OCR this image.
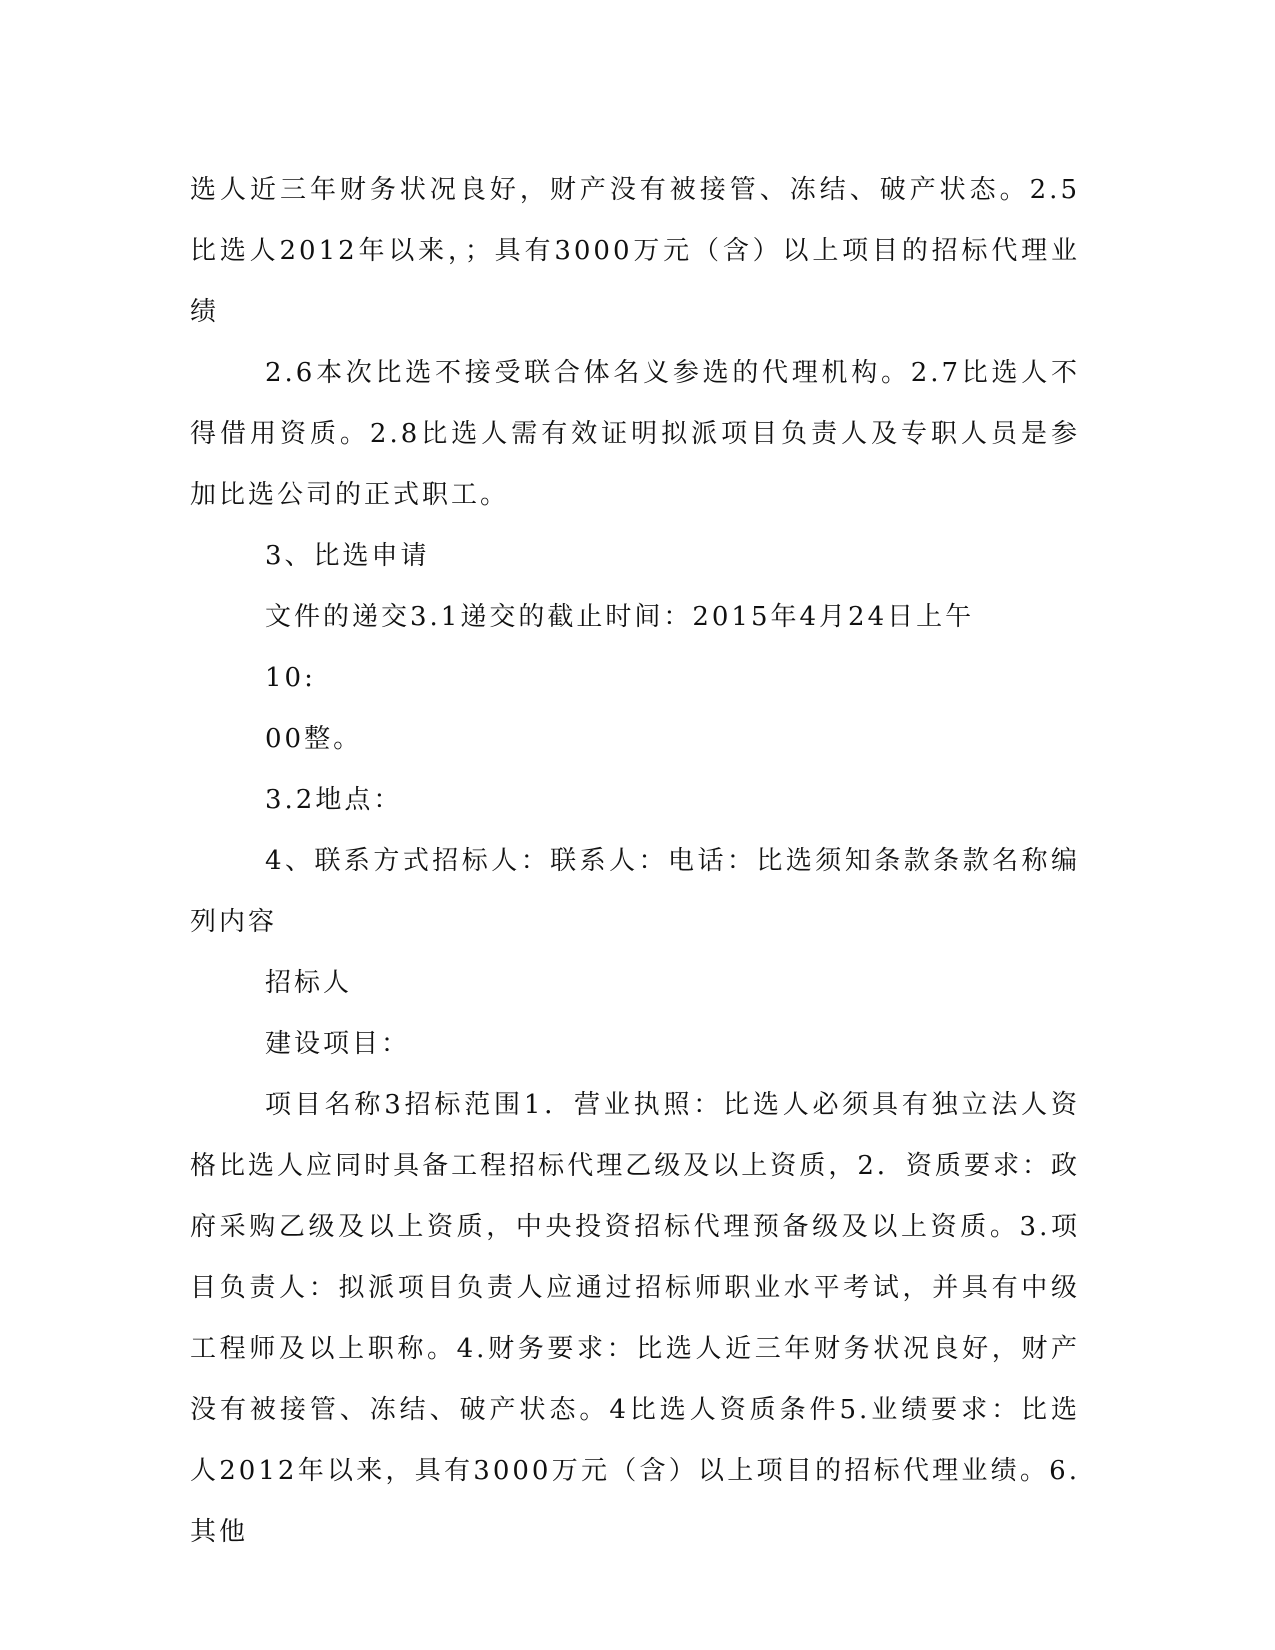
选人近三年财务状况良好，财产没有被接管、冻结、破产状态。2.5比选人2012年以来，；具有3000万元（含）以上项目的招标代理业绩

2.6本次比选不接受联合体名义参选的代理机构。2.7比选人不得借用资质。2.8比选人需有效证明拟派项目负责人及专职人员是参加比选公司的正式职工。

3、比选申请

文件的递交3.1递交的截止时间：2015年4月24日上午

10:

00整。

3.2地点：

4、联系方式招标人：联系人：电话：比选须知条款条款名称编列内容

招标人

建设项目：

项目名称3招标范围1．营业执照：比选人必须具有独立法人资格比选人应同时具备工程招标代理乙级及以上资质，2．资质要求：政府采购乙级及以上资质，中央投资招标代理预备级及以上资质。3.项目负责人：拟派项目负责人应通过招标师职业水平考试，并具有中级工程师及以上职称。4.财务要求：比选人近三年财务状况良好，财产没有被接管、冻结、破产状态。4比选人资质条件5.业绩要求：比选人2012年以来，具有3000万元（含）以上项目的招标代理业绩。6.其他
